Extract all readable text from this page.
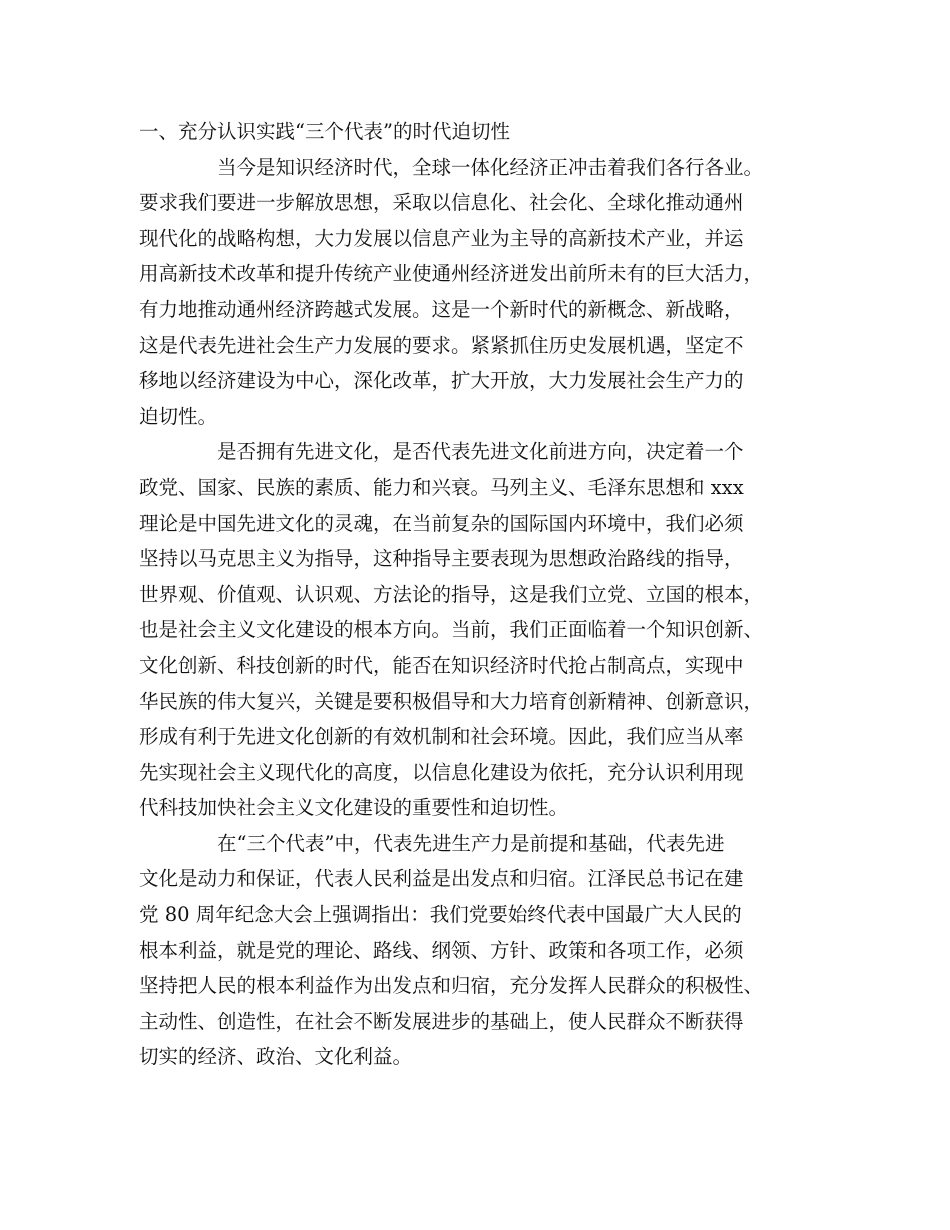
一、充分认识实践“三个代表”的时代迫切性
当今是知识经济时代，全球一体化经济正冲击着我们各行各业。
要求我们要进一步解放思想，采取以信息化、社会化、全球化推动通州
现代化的战略构想，大力发展以信息产业为主导的高新技术产业，并运
用高新技术改革和提升传统产业使通州经济迸发出前所未有的巨大活力，
有力地推动通州经济跨越式发展。这是一个新时代的新概念、新战略，
这是代表先进社会生产力发展的要求。紧紧抓住历史发展机遇，坚定不
移地以经济建设为中心，深化改革，扩大开放，大力发展社会生产力的
迫切性。
是否拥有先进文化，是否代表先进文化前进方向，决定着一个
政党、国家、民族的素质、能力和兴衰。马列主义、毛泽东思想和 xxx
理论是中国先进文化的灵魂，在当前复杂的国际国内环境中，我们必须
坚持以马克思主义为指导，这种指导主要表现为思想政治路线的指导，
世界观、价值观、认识观、方法论的指导，这是我们立党、立国的根本，
也是社会主义文化建设的根本方向。当前，我们正面临着一个知识创新、
文化创新、科技创新的时代，能否在知识经济时代抢占制高点，实现中
华民族的伟大复兴，关键是要积极倡导和大力培育创新精神、创新意识，
形成有利于先进文化创新的有效机制和社会环境。因此，我们应当从率
先实现社会主义现代化的高度，以信息化建设为依托，充分认识利用现
代科技加快社会主义文化建设的重要性和迫切性。
在“三个代表”中，代表先进生产力是前提和基础，代表先进
文化是动力和保证，代表人民利益是出发点和归宿。江泽民总书记在建
党 80 周年纪念大会上强调指出：我们党要始终代表中国最广大人民的
根本利益，就是党的理论、路线、纲领、方针、政策和各项工作，必须
坚持把人民的根本利益作为出发点和归宿，充分发挥人民群众的积极性、
主动性、创造性，在社会不断发展进步的基础上，使人民群众不断获得
切实的经济、政治、文化利益。
